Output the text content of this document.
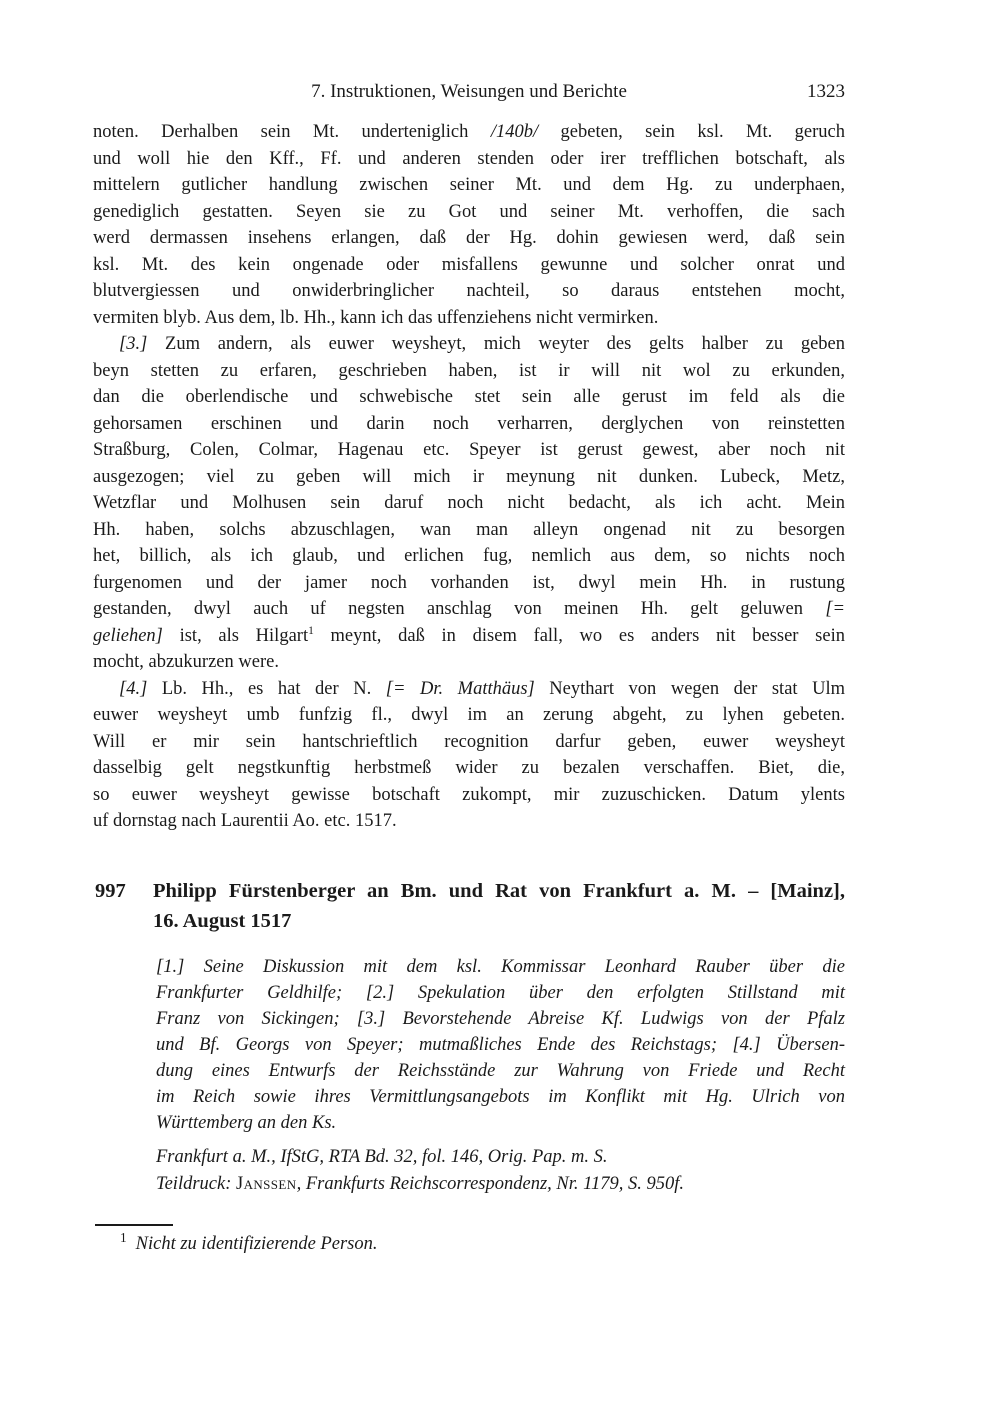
7. Instruktionen, Weisungen und Berichte	1323
noten. Derhalben sein Mt. underteniglich /140b/ gebeten, sein ksl. Mt. geruch
und woll hie den Kff., Ff. und anderen stenden oder irer trefflichen botschaft, als
mittelern gutlicher handlung zwischen seiner Mt. und dem Hg. zu underphaen,
genediglich gestatten. Seyen sie zu Got und seiner Mt. verhoffen, die sach
werd dermassen insehens erlangen, daß der Hg. dohin gewiesen werd, daß sein
ksl. Mt. des kein ongenade oder misfallens gewunne und solcher onrat und
blutvergiessen und onwiderbringlicher nachteil, so daraus entstehen mocht,
vermiten blyb. Aus dem, lb. Hh., kann ich das uffenziehens nicht vermirken.
[3.] Zum andern, als euwer weysheyt, mich weyter des gelts halber zu geben
beyn stetten zu erfaren, geschrieben haben, ist ir will nit wol zu erkunden,
dan die oberlendische und schwebische stet sein alle gerust im feld als die
gehorsamen erschinen und darin noch verharren, derglychen von reinstetten
Straßburg, Colen, Colmar, Hagenau etc. Speyer ist gerust gewest, aber noch nit
ausgezogen; viel zu geben will mich ir meynung nit dunken. Lubeck, Metz,
Wetzflar und Molhusen sein daruf noch nicht bedacht, als ich acht. Mein
Hh. haben, solchs abzuschlagen, wan man alleyn ongenad nit zu besorgen
het, billich, als ich glaub, und erlichen fug, nemlich aus dem, so nichts noch
furgenomen und der jamer noch vorhanden ist, dwyl mein Hh. in rustung
gestanden, dwyl auch uf negsten anschlag von meinen Hh. gelt geluwen [=
geliehen] ist, als Hilgart$^1$ meynt, daß in disem fall, wo es anders nit besser sein
mocht, abzukurzen were.
[4.] Lb. Hh., es hat der N. [= Dr. Matthäus] Neythart von wegen der stat Ulm
euwer weysheyt umb funfzig fl., dwyl im an zerung abgeht, zu lyhen gebeten.
Will er mir sein hantschrieftlich recognition darfur geben, euwer weysheyt
dasselbig gelt negstkunftig herbstmeß wider zu bezalen verschaffen. Biet, die,
so euwer weysheyt gewisse botschaft zukompt, mir zuzuschicken. Datum ylents
uf dornstag nach Laurentii Ao. etc. 1517.
997 Philipp Fürstenberger an Bm. und Rat von Frankfurt a. M. – [Mainz],
16. August 1517
[1.] Seine Diskussion mit dem ksl. Kommissar Leonhard Rauber über die
Frankfurter Geldhilfe; [2.] Spekulation über den erfolgten Stillstand mit
Franz von Sickingen; [3.] Bevorstehende Abreise Kf. Ludwigs von der Pfalz
und Bf. Georgs von Speyer; mutmaßliches Ende des Reichstags; [4.] Übersen-
dung eines Entwurfs der Reichsstände zur Wahrung von Friede und Recht
im Reich sowie ihres Vermittlungsangebots im Konflikt mit Hg. Ulrich von
Württemberg an den Ks.
Frankfurt a. M., IfStG, RTA Bd. 32, fol. 146, Orig. Pap. m. S.
Teildruck: Janssen, Frankfurts Reichscorrespondenz, Nr. 1179, S. 950f.
$^1$ Nicht zu identifizierende Person.
